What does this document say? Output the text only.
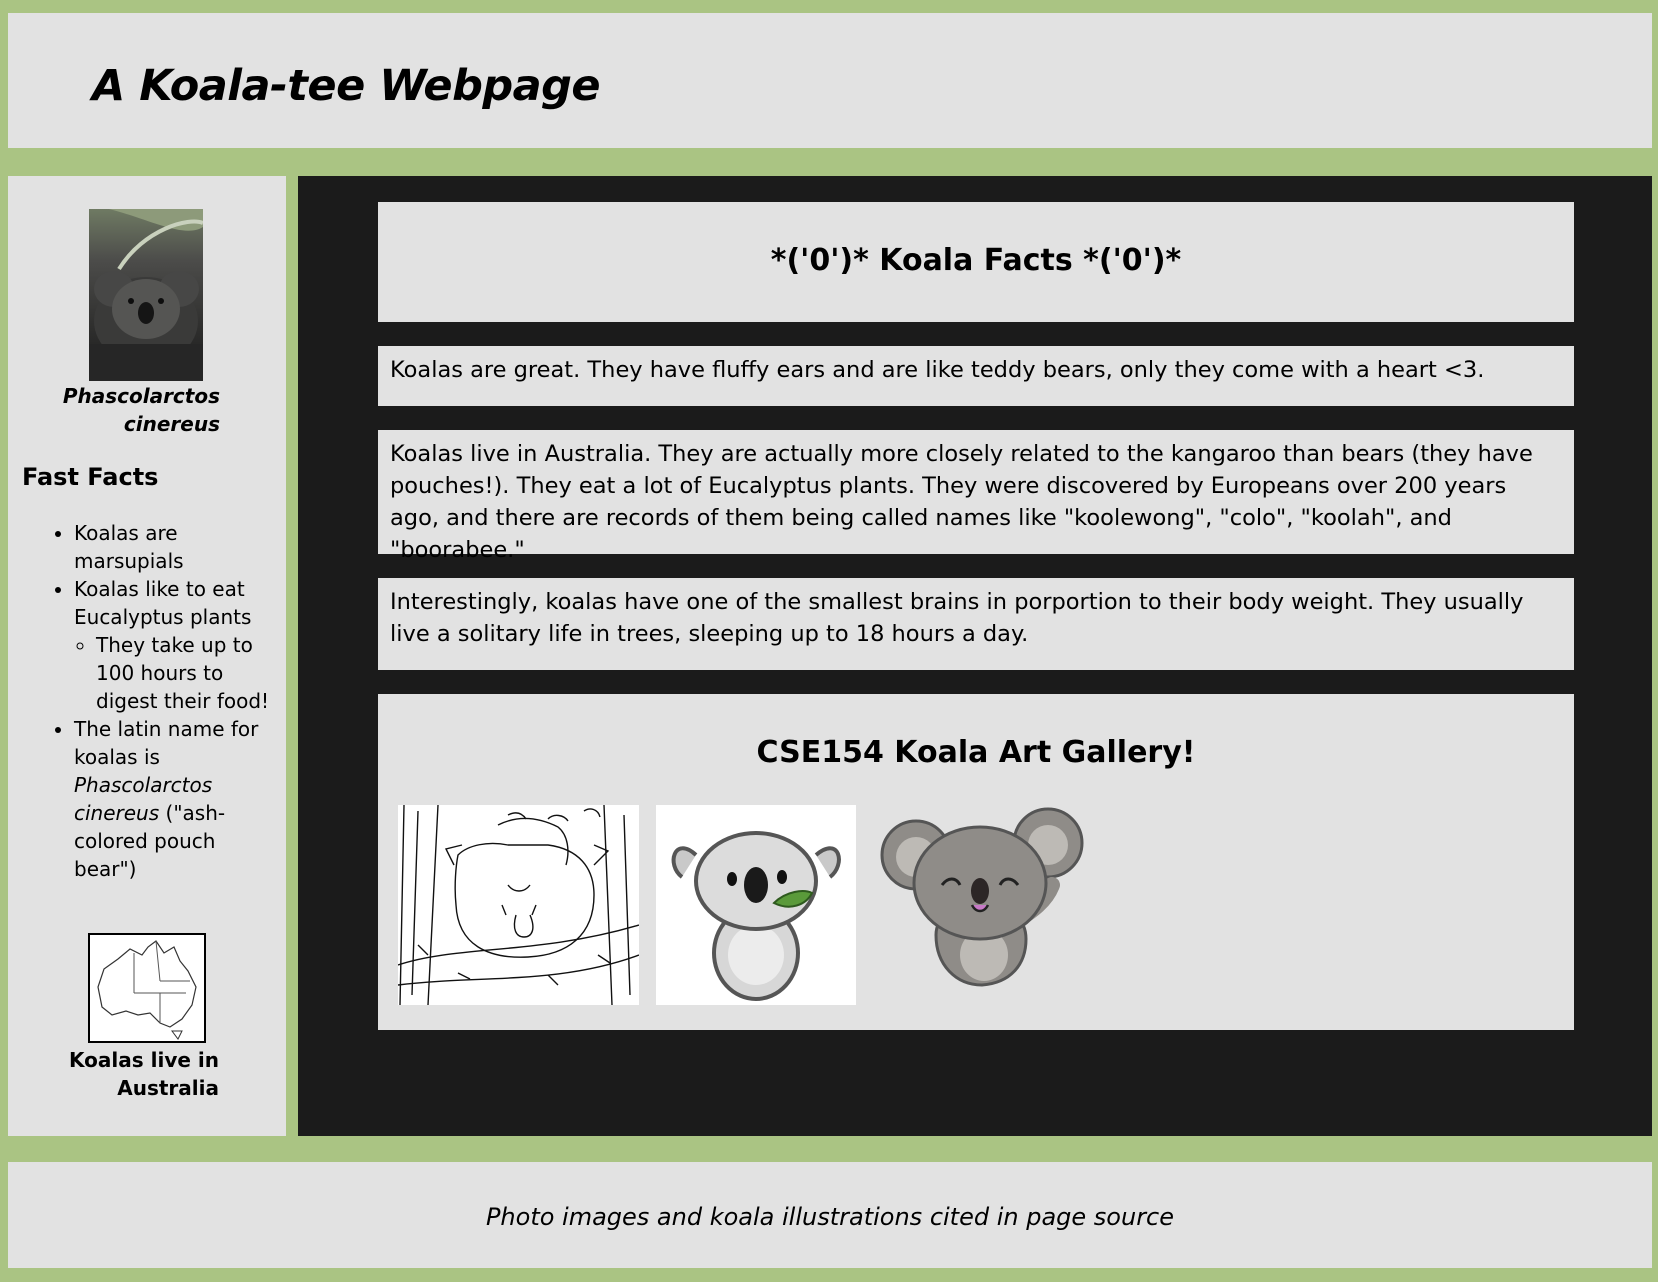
A Koala-tee Webpage
Phascolarctos cinereus
Fast Facts
• Koalas are marsupials
• Koalas like to eat Eucalyptus plants
◦ They take up to 100 hours to digest their food!
• The latin name for koalas is Phascolarctos cinereus ("ash-colored pouch bear")
Koalas live in Australia
*('0')* Koala Facts *('0')*

Koalas are great. They have fluffy ears and are like teddy bears, only they come with a heart <3.

Koalas live in Australia. They are actually more closely related to the kangaroo than bears (they have pouches!). They eat a lot of Eucalyptus plants. They were discovered by Europeans over 200 years ago, and there are records of them being called names like "koolewong", "colo", "koolah", and "boorabee."

Interestingly, koalas have one of the smallest brains in porportion to their body weight. They usually live a solitary life in trees, sleeping up to 18 hours a day.

CSE154 Koala Art Gallery!

Photo images and koala illustrations cited in page source
